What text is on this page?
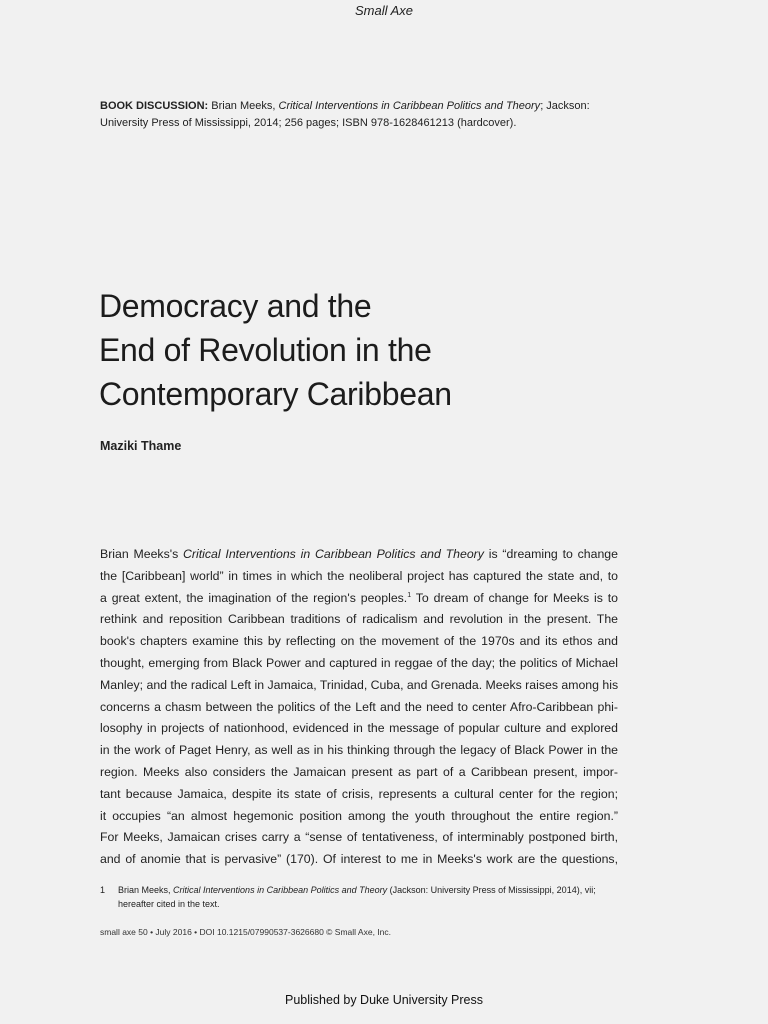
Small Axe
BOOK DISCUSSION: Brian Meeks, Critical Interventions in Caribbean Politics and Theory; Jackson:
University Press of Mississippi, 2014; 256 pages; ISBN 978-1628461213 (hardcover).
Democracy and the
End of Revolution in the
Contemporary Caribbean
Maziki Thame
Brian Meeks's Critical Interventions in Caribbean Politics and Theory is “dreaming to change
the [Caribbean] world” in times in which the neoliberal project has captured the state and, to
a great extent, the imagination of the region's peoples.$^1$ To dream of change for Meeks is to
rethink and reposition Caribbean traditions of radicalism and revolution in the present. The
book's chapters examine this by reflecting on the movement of the 1970s and its ethos and
thought, emerging from Black Power and captured in reggae of the day; the politics of Michael
Manley; and the radical Left in Jamaica, Trinidad, Cuba, and Grenada. Meeks raises among his
concerns a chasm between the politics of the Left and the need to center Afro-Caribbean phi-
losophy in projects of nationhood, evidenced in the message of popular culture and explored
in the work of Paget Henry, as well as in his thinking through the legacy of Black Power in the
region. Meeks also considers the Jamaican present as part of a Caribbean present, impor-
tant because Jamaica, despite its state of crisis, represents a cultural center for the region;
it occupies “an almost hegemonic position among the youth throughout the entire region.”
For Meeks, Jamaican crises carry a “sense of tentativeness, of interminably postponed birth,
and of anomie that is pervasive” (170). Of interest to me in Meeks's work are the questions,
1 Brian Meeks, Critical Interventions in Caribbean Politics and Theory (Jackson: University Press of Mississippi, 2014), vii;
hereafter cited in the text.
small axe 50 • July 2016 • DOI 10.1215/07990537-3626680 © Small Axe, Inc.
Published by Duke University Press
